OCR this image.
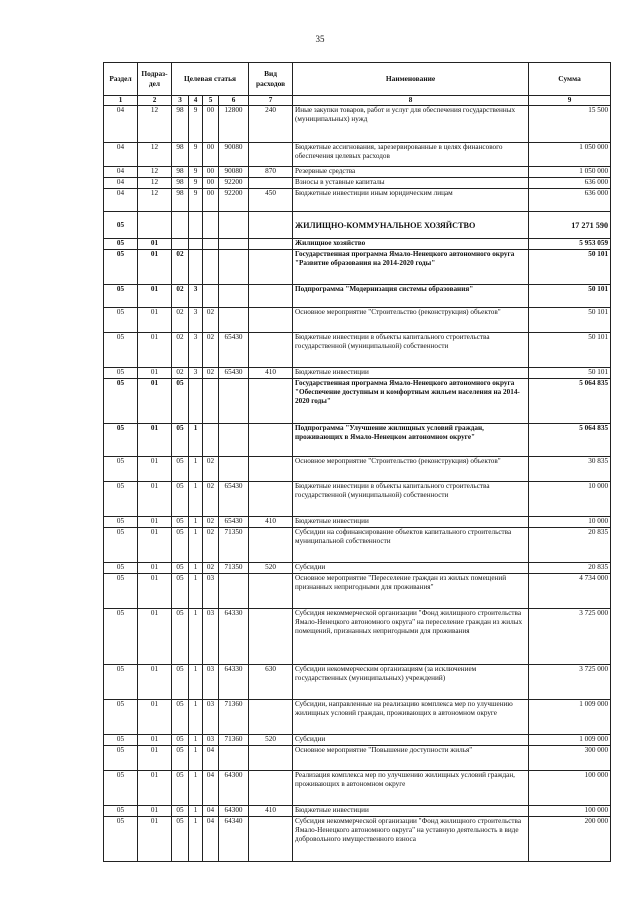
35
Раздел	Подраз- дел	Целевая статья				Вид расходов	Наименование	Сумма
1	2	3	4	5	6	7	8	9
04	12	98	9	00	12800	240	Иные закупки товаров, работ и услуг для обеспечения государственных (муниципальных) нужд	15 500
04	12	98	9	00	90080		Бюджетные ассигнования, зарезервированные в целях финансового обеспечения целевых расходов	1 050 000
04	12	98	9	00	90080	870	Резервные средства	1 050 000
04	12	98	9	00	92200		Взносы в уставные капиталы	636 000
04	12	98	9	00	92200	450	Бюджетные инвестиции иным юридическим лицам	636 000
05							ЖИЛИЩНО-КОММУНАЛЬНОЕ ХОЗЯЙСТВО	17 271 590
05	01						Жилищное хозяйство	5 953 059
05	01	02					Государственная программа Ямало-Ненецкого автономного округа "Развитие образования на 2014-2020 годы"	50 101
05	01	02	3				Подпрограмма "Модернизация системы образования"	50 101
05	01	02	3	02			Основное мероприятие "Строительство (реконструкция) объектов"	50 101
05	01	02	3	02	65430		Бюджетные инвестиции в объекты капитального строительства государственной (муниципальной) собственности	50 101
05	01	02	3	02	65430	410	Бюджетные инвестиции	50 101
05	01	05					Государственная программа Ямало-Ненецкого автономного округа "Обеспечение доступным и комфортным жильем населения на 2014-2020 годы"	5 064 835
05	01	05	1				Подпрограмма "Улучшение жилищных условий граждан, проживающих в Ямало-Ненецком автономном округе"	5 064 835
05	01	05	1	02			Основное мероприятие "Строительство (реконструкция) объектов"	30 835
05	01	05	1	02	65430		Бюджетные инвестиции в объекты капитального строительства государственной (муниципальной) собственности	10 000
05	01	05	1	02	65430	410	Бюджетные инвестиции	10 000
05	01	05	1	02	71350		Субсидии на софинансирование объектов капитального строительства муниципальной собственности	20 835
05	01	05	1	02	71350	520	Субсидии	20 835
05	01	05	1	03			Основное мероприятие "Переселение граждан из жилых помещений признанных непригодными для проживания"	4 734 000
05	01	05	1	03	64330		Субсидия некоммерческой организации "Фонд жилищного строительства Ямало-Ненецкого автономного округа" на переселение граждан из жилых помещений, признанных непригодными для проживания	3 725 000
05	01	05	1	03	64330	630	Субсидии некоммерческим организациям (за исключением государственных (муниципальных) учреждений)	3 725 000
05	01	05	1	03	71360		Субсидии, направленные на реализацию комплекса мер по улучшению жилищных условий граждан, проживающих в автономном округе	1 009 000
05	01	05	1	03	71360	520	Субсидии	1 009 000
05	01	05	1	04			Основное мероприятие "Повышение доступности жилья"	300 000
05	01	05	1	04	64300		Реализация комплекса мер по улучшению жилищных условий граждан, проживающих в автономном округе	100 000
05	01	05	1	04	64300	410	Бюджетные инвестиции	100 000
05	01	05	1	04	64340		Субсидия некоммерческой организации "Фонд жилищного строительства Ямало-Ненецкого автономного округа" на уставную деятельность в виде добровольного имущественного взноса	200 000
